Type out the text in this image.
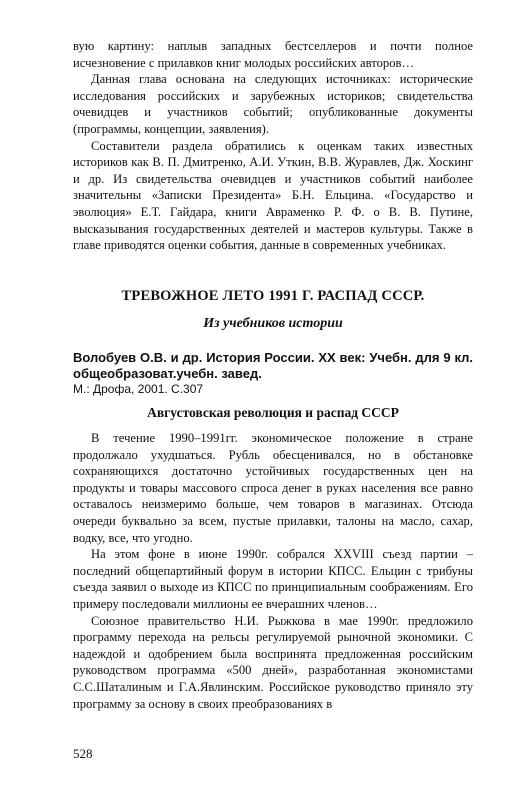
вую картину: наплыв западных бестселлеров и почти полное исчезновение с прилавков книг молодых российских авторов…

Данная глава основана на следующих источниках: исторические исследования российских и зарубежных историков; свидетельства очевидцев и участников событий; опубликованные документы (программы, концепции, заявления).

Составители раздела обратились к оценкам таких известных историков как В. П. Дмитренко, А.И. Уткин, В.В. Журавлев, Дж. Хоскинг и др. Из свидетельства очевидцев и участников событий наиболее значительны «Записки Президента» Б.Н. Ельцина. «Государство и эволюция» Е.Т. Гайдара, книги Авраменко Р. Ф. о В. В. Путине, высказывания государственных деятелей и мастеров культуры. Также в главе приводятся оценки события, данные в современных учебниках.

ТРЕВОЖНОЕ ЛЕТО 1991 Г. РАСПАД СССР.
Из учебников истории

Волобуев О.В. и др. История России. XX век: Учебн. для 9 кл. общеобразоват.учебн. завед.

М.: Дрофа, 2001. С.307

Августовская революция и распад СССР

В течение 1990–1991гг. экономическое положение в стране продолжало ухудшаться. Рубль обесценивался, но в обстановке сохраняющихся достаточно устойчивых государственных цен на продукты и товары массового спроса денег в руках населения все равно оставалось неизмеримо больше, чем товаров в магазинах. Отсюда очереди буквально за всем, пустые прилавки, талоны на масло, сахар, водку, все, что угодно.

На этом фоне в июне 1990г. собрался XXVIII съезд партии – последний общепартийный форум в истории КПСС. Ельцин с трибуны съезда заявил о выходе из КПСС по принципиальным соображениям. Его примеру последовали миллионы ее вчерашних членов…

Союзное правительство Н.И. Рыжкова в мае 1990г. предложило программу перехода на рельсы регулируемой рыночной экономики. С надеждой и одобрением была воспринята предложенная российским руководством программа «500 дней», разработанная экономистами С.С.Шаталиным и Г.А.Явлинским. Российское руководство приняло эту программу за основу в своих преобразованиях в

528
